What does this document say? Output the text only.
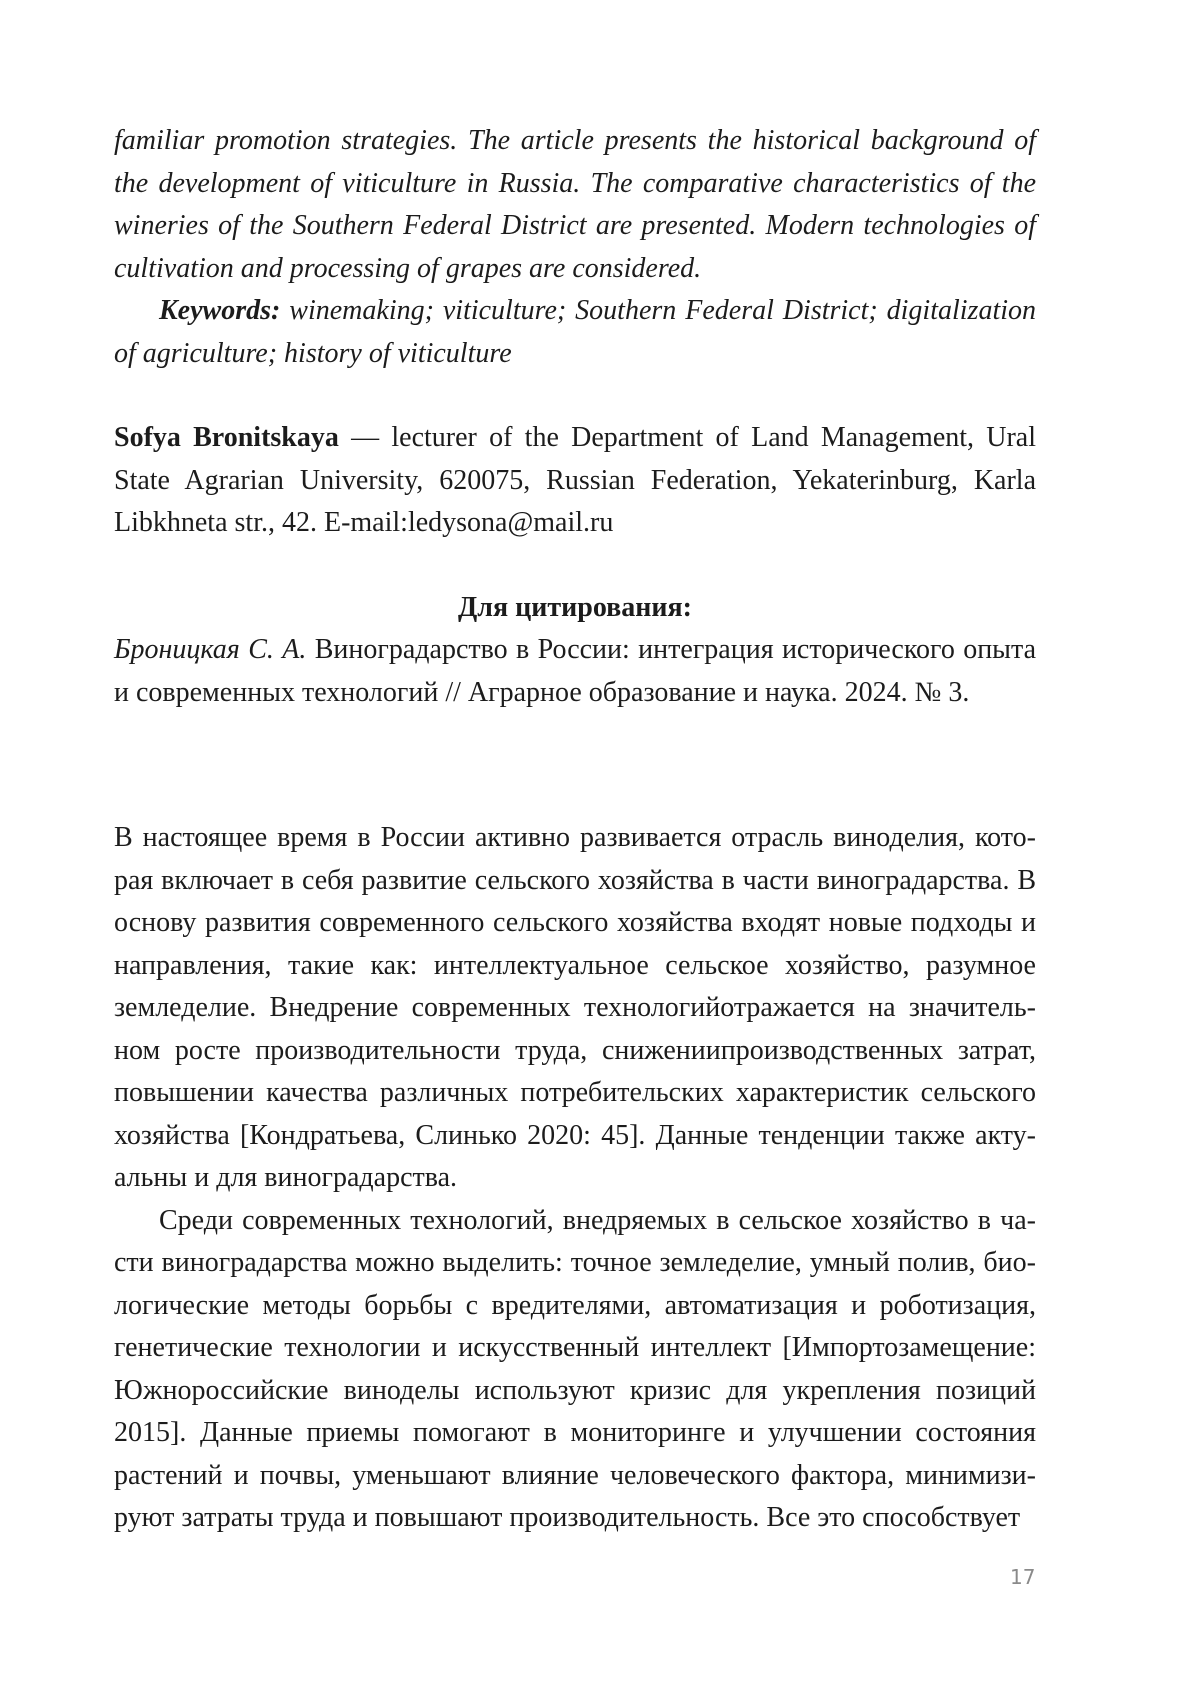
familiar promotion strategies. The article presents the historical background of the development of viticulture in Russia. The comparative characteristics of the wineries of the Southern Federal District are presented. Modern technologies of cultivation and processing of grapes are considered.

Keywords: winemaking; viticulture; Southern Federal District; digitalization of agriculture; history of viticulture

Sofya Bronitskaya — lecturer of the Department of Land Management, Ural State Agrarian University, 620075, Russian Federation, Yekaterinburg, Karla Libkhneta str., 42. E-mail:ledysona@mail.ru

Для цитирования:

Броницкая С. А. Виноградарство в России: интеграция исторического опыта и современных технологий // Аграрное образование и наука. 2024. № 3.

В настоящее время в России активно развивается отрасль виноделия, которая включает в себя развитие сельского хозяйства в части виноградарства. В основу развития современного сельского хозяйства входят новые подходы и направления, такие как: интеллектуальное сельское хозяйство, разумное земледелие. Внедрение современных технологийотражается на значительном росте производительности труда, снижениипроизводственных затрат, повышении качества различных потребительских характеристик сельского хозяйства [Кондратьева, Слинько 2020: 45]. Данные тенденции также актуальны и для виноградарства.

Среди современных технологий, внедряемых в сельское хозяйство в части виноградарства можно выделить: точное земледелие, умный полив, биологические методы борьбы с вредителями, автоматизация и роботизация, генетические технологии и искусственный интеллект [Импортозамещение: Южнороссийские виноделы используют кризис для укрепления позиций 2015]. Данные приемы помогают в мониторинге и улучшении состояния растений и почвы, уменьшают влияние человеческого фактора, минимизируют затраты труда и повышают производительность. Все это способствует

17
